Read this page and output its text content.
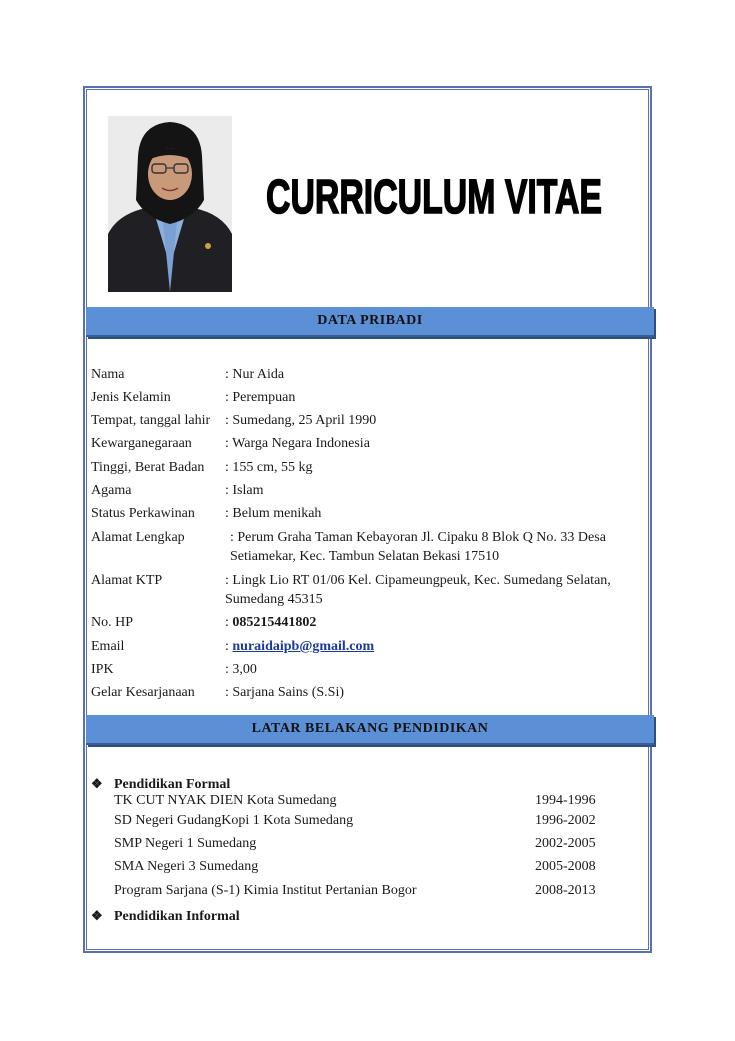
CURRICULUM VITAE
DATA PRIBADI
Nama	: Nur Aida
Jenis Kelamin	: Perempuan
Tempat, tanggal lahir : Sumedang, 25 April 1990
Kewarganegaraan : Warga Negara Indonesia
Tinggi, Berat Badan : 155 cm, 55 kg
Agama	: Islam
Status Perkawinan : Belum menikah
Alamat Lengkap	: Perum Graha Taman Kebayoran Jl. Cipaku 8 Blok Q No. 33 Desa Setiamekar, Kec. Tambun Selatan Bekasi 17510
Alamat KTP	: Lingk Lio RT 01/06 Kel. Cipameungpeuk, Kec. Sumedang Selatan, Sumedang 45315
No. HP	: 085215441802
Email	: nuraidaipb@gmail.com
IPK	: 3,00
Gelar Kesarjanaan : Sarjana Sains (S.Si)
LATAR BELAKANG PENDIDIKAN
❖ Pendidikan Formal
TK CUT NYAK DIEN Kota Sumedang	1994-1996
SD Negeri GudangKopi 1 Kota Sumedang	1996-2002
SMP Negeri 1 Sumedang	2002-2005
SMA Negeri 3 Sumedang	2005-2008
Program Sarjana (S-1) Kimia Institut Pertanian Bogor	2008-2013
❖ Pendidikan Informal
